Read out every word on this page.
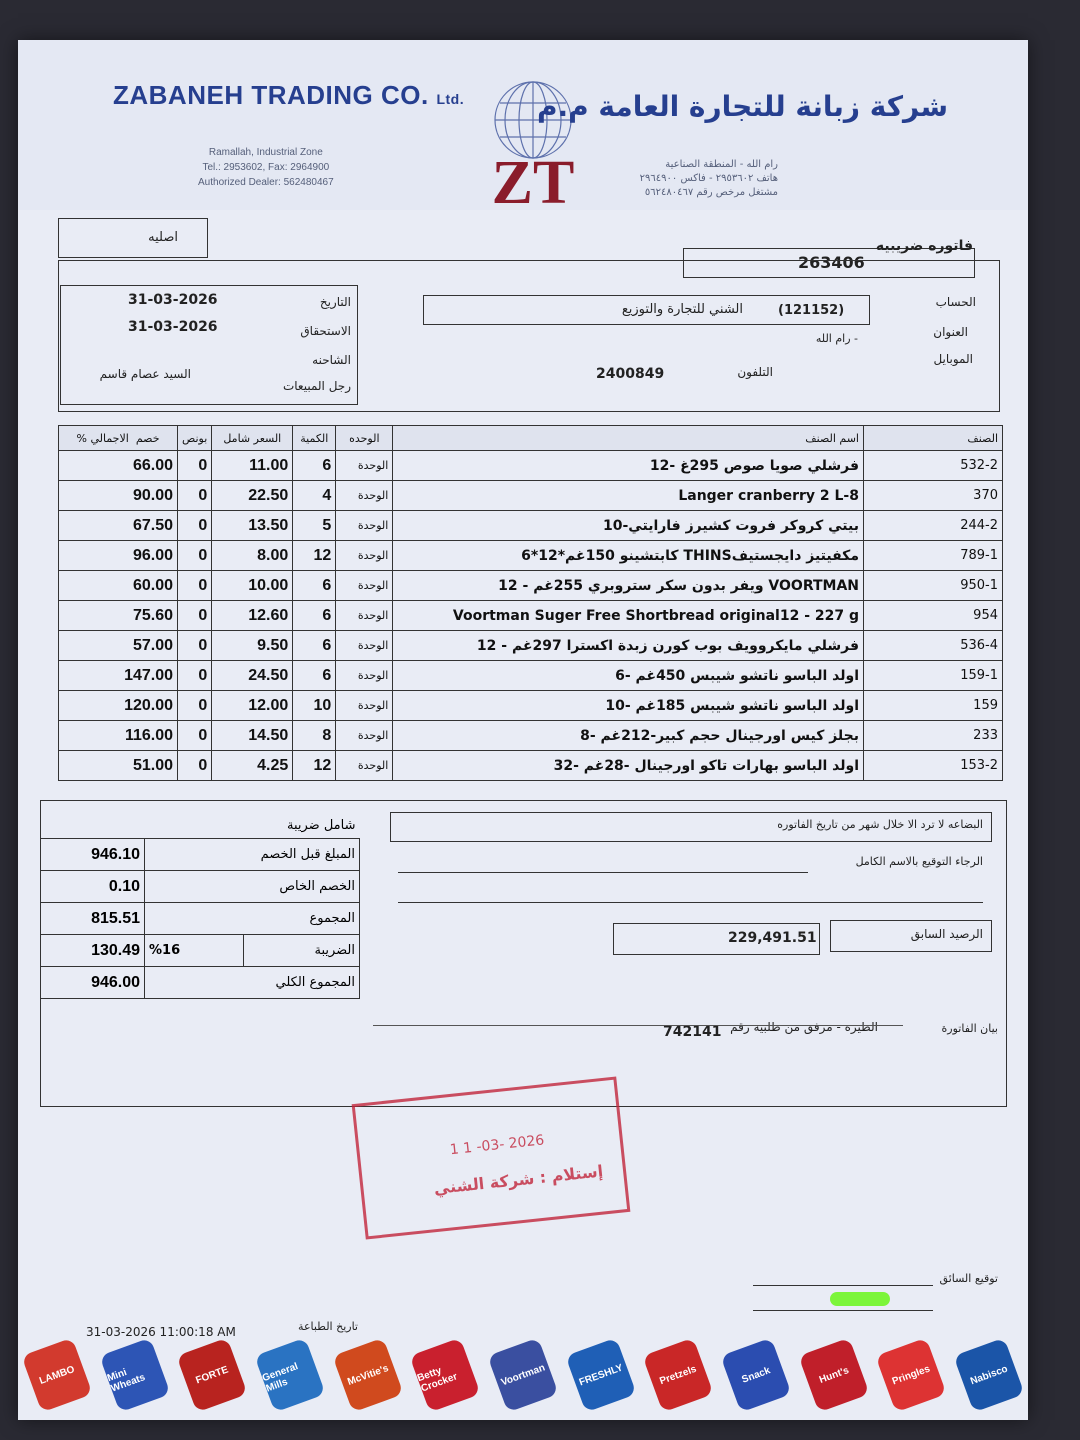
ZABANEH TRADING CO. Ltd.
Ramallah, Industrial Zone
Tel.: 2953602, Fax: 2964900
Authorized Dealer: 562480467	ZT
شركة زبانة للتجارة العامة م.م
رام الله - المنطقة الصناعية
هاتف ٢٩٥٣٦٠٢ - فاكس ٢٩٦٤٩٠٠
مشتغل مرخص رقم ٥٦٢٤٨٠٤٦٧
اصليه
263406
فاتوره ضريبيه
31-03-2026	التاريخ
31-03-2026	الاستحقاق
الشاحنه
السيد عصام قاسم
رجل المبيعات
الشني للتجارة والتوزيع	(121152)
الحساب
العنوان
- رام الله
الموبايل
التلفون
2400849
% خصم  الاجمالي	بونص	السعر شامل	الكمية	الوحده	اسم الصنف	الصنف
66.00	0	11.00	6	الوحدة	فرشلي صويا صوص 295غ -12	532-2
90.00	0	22.50	4	الوحدة	Langer cranberry 2 L-8	370
67.50	0	13.50	5	الوحدة	بيتي كروكر فروت كشيرز فارايتي-10	244-2
96.00	0	8.00	12	الوحدة	مكفيتيز دايجستيفTHINS كابتشينو 150غم*12*6	789-1
60.00	0	10.00	6	الوحدة	VOORTMAN ويفر بدون سكر ستروبري 255غم - 12	950-1
75.60	0	12.60	6	الوحدة	Voortman Suger Free Shortbread original12 - 227 g	954
57.00	0	9.50	6	الوحدة	فرشلي مايكروويف بوب كورن زبدة اكسترا 297غم - 12	536-4
147.00	0	24.50	6	الوحدة	اولد الباسو ناتشو شيبس 450غم -6	159-1
120.00	0	12.00	10	الوحدة	اولد الباسو ناتشو شيبس 185غم -10	159
116.00	0	14.50	8	الوحدة	بجلز كيس اورجينال حجم كبير-212غم -8	233
51.00	0	4.25	12	الوحدة	اولد الباسو بهارات تاكو اورجينال -28غم -32	153-2
شامل ضريبة		
946.10	المبلغ قبل الخصم	
0.10	الخصم الخاص	
815.51	المجموع	
130.49	%16	الضريبة
946.00	المجموع الكلي	
البضاعه لا ترد الا خلال شهر من تاريخ الفاتوره
الرجاء التوقيع بالاسم الكامل
229,491.51	الرصيد السابق
بيان الفاتورة
الطيره - مرفق من طلبيه رقم
742141
1 1 -03- 2026
إستلام : شركة الشني
توقيع السائق
31-03-2026 11:00:18 AM	تاريخ الطباعة
LAMBO	Mini Wheats	FORTE	General Mills	McVitie's	Betty Crocker	Voortman	FRESHLY	Pretzels	Snack	Hunt's	Pringles	Nabisco
